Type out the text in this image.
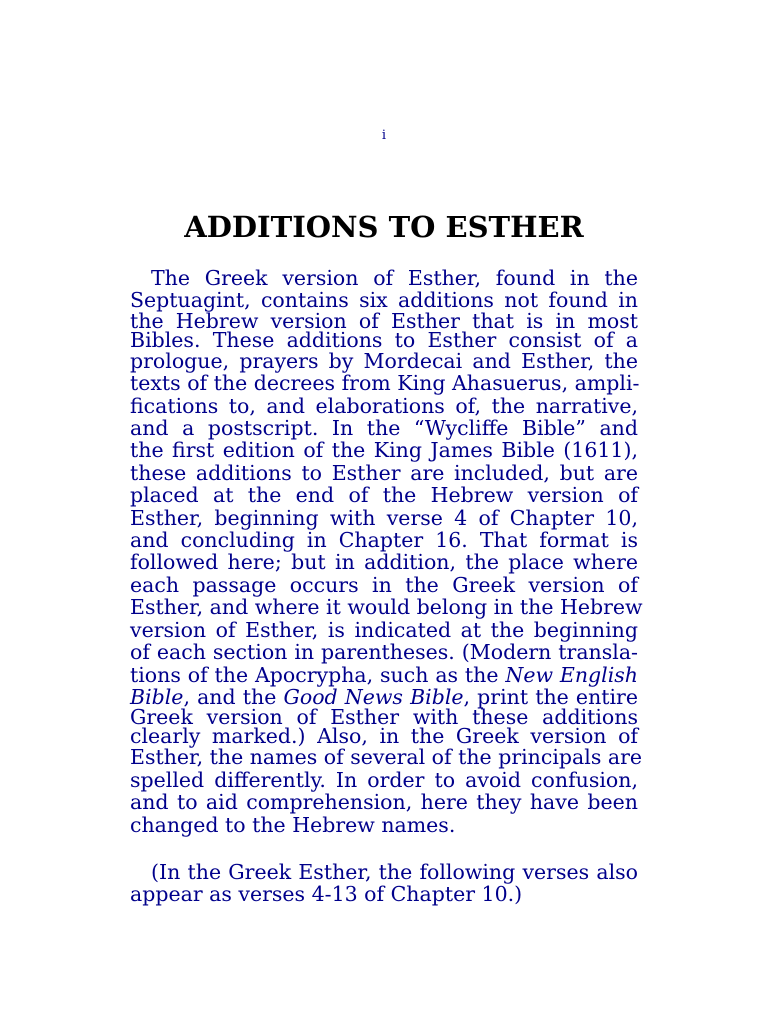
i
ADDITIONS TO ESTHER
The Greek version of Esther, found in the
Septuagint, contains six additions not found in
the Hebrew version of Esther that is in most
Bibles. These additions to Esther consist of a
prologue, prayers by Mordecai and Esther, the
texts of the decrees from King Ahasuerus, ampli-
fications to, and elaborations of, the narrative,
and a postscript. In the “Wycliffe Bible” and
the first edition of the King James Bible (1611),
these additions to Esther are included, but are
placed at the end of the Hebrew version of
Esther, beginning with verse 4 of Chapter 10,
and concluding in Chapter 16. That format is
followed here; but in addition, the place where
each passage occurs in the Greek version of
Esther, and where it would belong in the Hebrew
version of Esther, is indicated at the beginning
of each section in parentheses. (Modern transla-
tions of the Apocrypha, such as the New English
Bible, and the Good News Bible, print the entire
Greek version of Esther with these additions
clearly marked.) Also, in the Greek version of
Esther, the names of several of the principals are
spelled differently. In order to avoid confusion,
and to aid comprehension, here they have been
changed to the Hebrew names.
(In the Greek Esther, the following verses also
appear as verses 4-13 of Chapter 10.)
